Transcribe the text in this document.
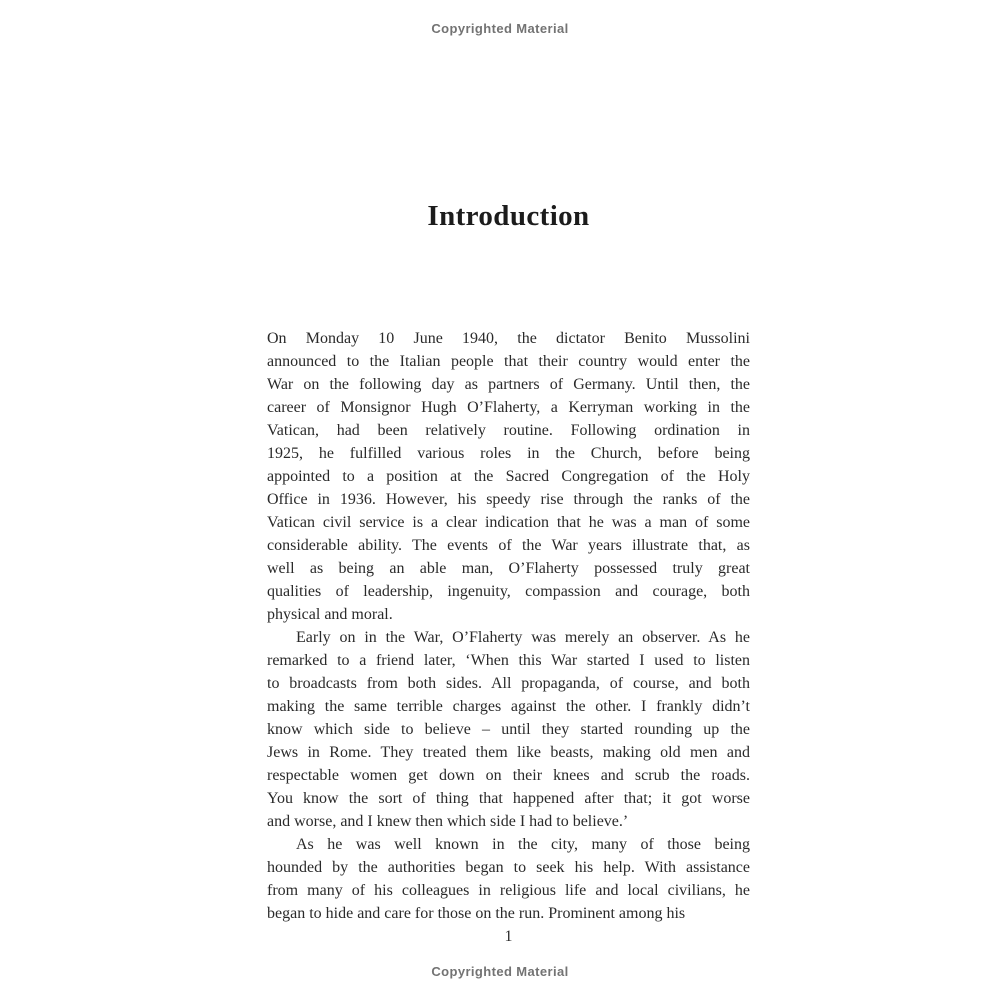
Copyrighted Material
Introduction

On Monday 10 June 1940, the dictator Benito Mussolini
announced to the Italian people that their country would enter the
War on the following day as partners of Germany. Until then, the
career of Monsignor Hugh O’Flaherty, a Kerryman working in the
Vatican, had been relatively routine. Following ordination in
1925, he fulfilled various roles in the Church, before being
appointed to a position at the Sacred Congregation of the Holy
Office in 1936. However, his speedy rise through the ranks of the
Vatican civil service is a clear indication that he was a man of some
considerable ability. The events of the War years illustrate that, as
well as being an able man, O’Flaherty possessed truly great
qualities of leadership, ingenuity, compassion and courage, both
physical and moral.

Early on in the War, O’Flaherty was merely an observer. As he
remarked to a friend later, ‘When this War started I used to listen
to broadcasts from both sides. All propaganda, of course, and both
making the same terrible charges against the other. I frankly didn’t
know which side to believe – until they started rounding up the
Jews in Rome. They treated them like beasts, making old men and
respectable women get down on their knees and scrub the roads.
You know the sort of thing that happened after that; it got worse
and worse, and I knew then which side I had to believe.’

As he was well known in the city, many of those being
hounded by the authorities began to seek his help. With assistance
from many of his colleagues in religious life and local civilians, he
began to hide and care for those on the run. Prominent among his

1
Copyrighted Material
